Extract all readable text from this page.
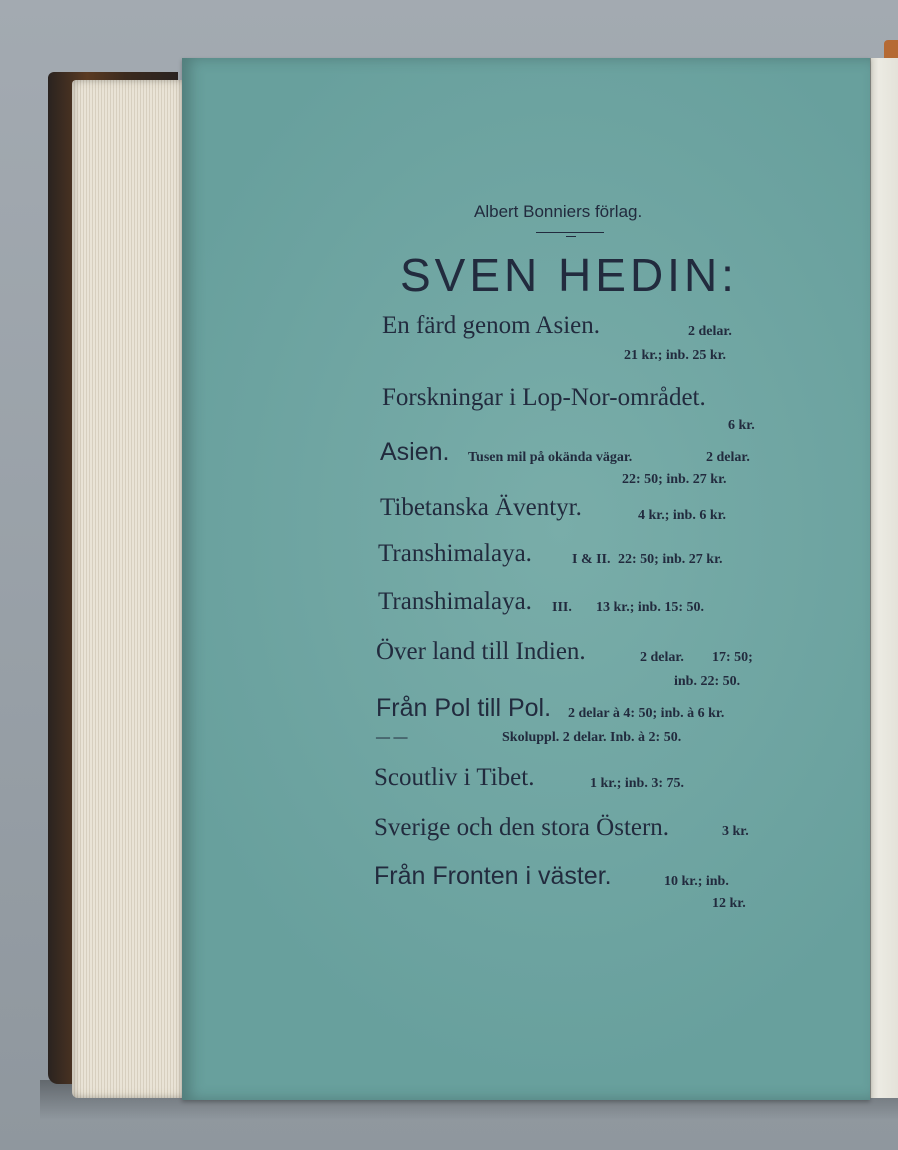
Albert Bonniers förlag.
SVEN HEDIN:
En färd genom Asien.	2 delar.
21 kr.; inb. 25 kr.
Forskningar i Lop-Nor-området.
6 kr.
Asien. Tusen mil på okända vägar.	2 delar.
22: 50; inb. 27 kr.
Tibetanska Äventyr.	4 kr.; inb. 6 kr.
Transhimalaya.	I & II. 22: 50; inb. 27 kr.
Transhimalaya. III. 13 kr.; inb. 15: 50.
Över land till Indien.	2 delar. 17: 50;
inb. 22: 50.
Från Pol till Pol. 2 delar à 4: 50; inb. à 6 kr.
— —	Skoluppl. 2 delar. Inb. à 2: 50.
Scoutliv i Tibet.	1 kr.; inb. 3: 75.
Sverige och den stora Östern.	3 kr.
Från Fronten i väster.	10 kr.; inb.
12 kr.
